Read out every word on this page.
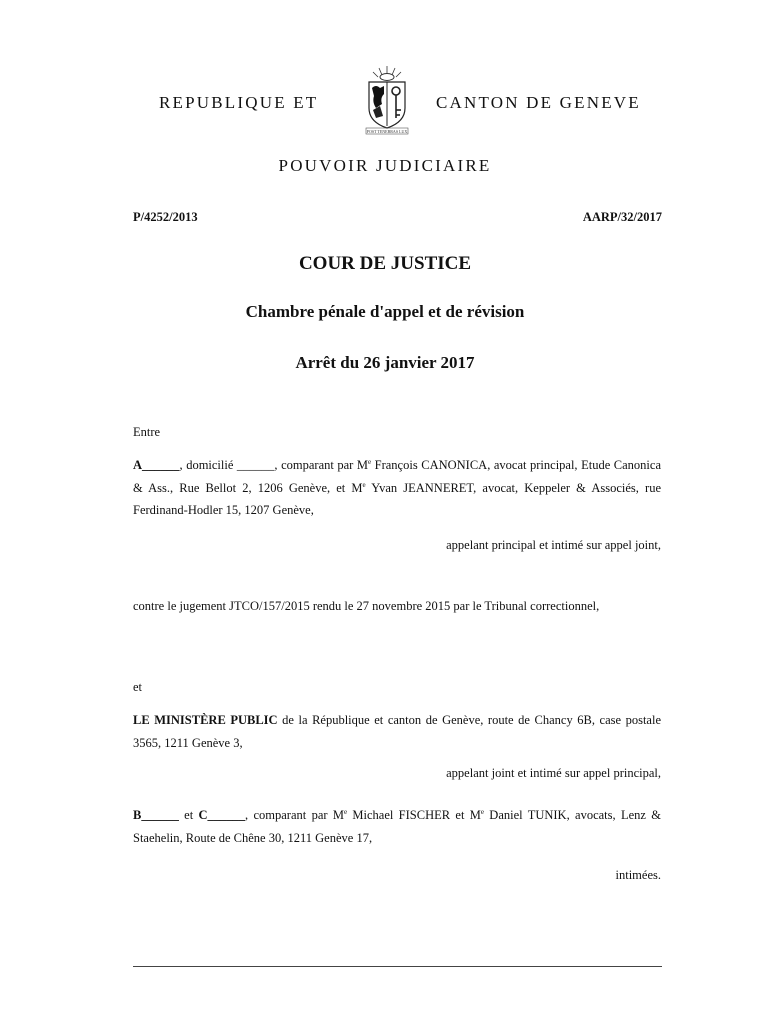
REPUBLIQUE ET
POST TENEBRAS LUX
CANTON DE GENEVE
POUVOIR JUDICIAIRE
P/4252/2013	AARP/32/2017
COUR DE JUSTICE
Chambre pénale d'appel et de révision
Arrêt du 26 janvier 2017
Entre
A______, domicilié ______, comparant par Me François CANONICA, avocat principal, Etude Canonica & Ass., Rue Bellot 2, 1206 Genève, et Me Yvan JEANNERET, avocat, Keppeler & Associés, rue Ferdinand-Hodler 15, 1207 Genève,
appelant principal et intimé sur appel joint,
contre le jugement JTCO/157/2015 rendu le 27 novembre 2015 par le Tribunal correctionnel,
et
LE MINISTÈRE PUBLIC de la République et canton de Genève, route de Chancy 6B, case postale 3565, 1211 Genève 3,
appelant joint et intimé sur appel principal,
B______ et C______, comparant par Me Michael FISCHER et Me Daniel TUNIK, avocats, Lenz & Staehelin, Route de Chêne 30, 1211 Genève 17,
intimées.
